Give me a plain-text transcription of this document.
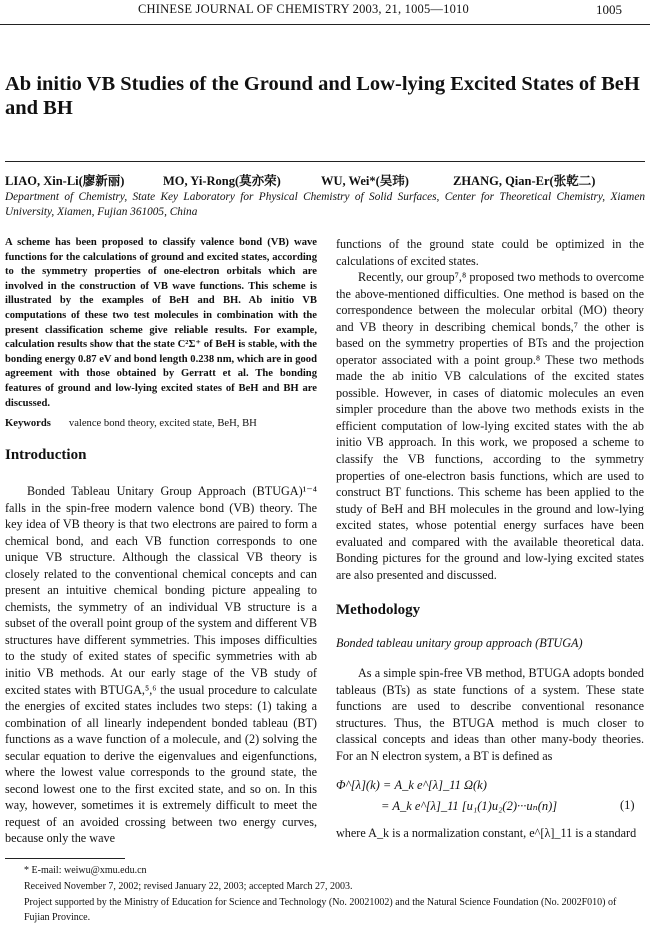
CHINESE JOURNAL OF CHEMISTRY 2003, 21, 1005—1010	1005
Ab initio VB Studies of the Ground and Low-lying Excited States of BeH and BH
LIAO, Xin-Li(廖新丽)	MO, Yi-Rong(莫亦荣)	WU, Wei*(吴玮)	ZHANG, Qian-Er(张乾二)
Department of Chemistry, State Key Laboratory for Physical Chemistry of Solid Surfaces, Center for Theoretical Chemistry, Xiamen University, Xiamen, Fujian 361005, China
A scheme has been proposed to classify valence bond (VB) wave functions for the calculations of ground and excited states, according to the symmetry properties of one-electron orbitals which are involved in the construction of VB wave functions. This scheme is illustrated by the examples of BeH and BH. Ab initio VB computations of these two test molecules in combination with the present classification scheme give reliable results. For example, calculation results show that the state C²Σ⁺ of BeH is stable, with the bonding energy 0.87 eV and bond length 0.238 nm, which are in good agreement with those obtained by Gerratt et al. The bonding features of ground and low-lying excited states of BeH and BH are discussed.
Keywords valence bond theory, excited state, BeH, BH
Introduction
Bonded Tableau Unitary Group Approach (BTUGA)¹⁻⁴ falls in the spin-free modern valence bond (VB) theory. The key idea of VB theory is that two electrons are paired to form a chemical bond, and each VB function corresponds to one unique VB structure. Although the classical VB theory is closely related to the conventional chemical concepts and can present an intuitive chemical bonding picture appealing to chemists, the symmetry of an individual VB structure is a subset of the overall point group of the system and different VB structures have different symmetries. This imposes difficulties to the study of exited states of specific symmetries with ab initio VB methods. At our early stage of the VB study of excited states with BTUGA,⁵,⁶ the usual procedure to calculate the energies of excited states includes two steps: (1) taking a combination of all linearly independent bonded tableau (BT) functions as a wave function of a molecule, and (2) solving the secular equation to derive the eigenvalues and eigenfunctions, where the lowest value corresponds to the ground state, the second lowest one to the first excited state, and so on. In this way, however, sometimes it is extremely difficult to meet the request of an avoided crossing between two energy curves, because only the wave
functions of the ground state could be optimized in the calculations of excited states.
Recently, our group⁷,⁸ proposed two methods to overcome the above-mentioned difficulties. One method is based on the correspondence between the molecular orbital (MO) theory and VB theory in describing chemical bonds,⁷ the other is based on the symmetry properties of BTs and the projection operator associated with a point group.⁸ These two methods made the ab initio VB calculations of the excited states possible. However, in cases of diatomic molecules an even simpler procedure than the above two methods exists in the efficient computation of low-lying excited states with the ab initio VB approach. In this work, we proposed a scheme to classify the VB functions, according to the symmetry properties of one-electron basis functions, which are used to construct BT functions. This scheme has been applied to the study of BeH and BH molecules in the ground and low-lying excited states, whose potential energy surfaces have been evaluated and compared with the available theoretical data. Bonding pictures for the ground and low-lying excited states are also presented and discussed.
Methodology
Bonded tableau unitary group approach (BTUGA)
As a simple spin-free VB method, BTUGA adopts bonded tableaus (BTs) as state functions of a system. These state functions are used to describe conventional resonance structures. Thus, the BTUGA method is much closer to classical concepts and ideas than other many-body theories. For an N electron system, a BT is defined as
Φ^[λ](k) = A_k e^[λ]_11 Ω(k)
= A_k e^[λ]_11 [u₁(1)u₂(2)···uₙ(n)]	(1)
where A_k is a normalization constant, e^[λ]_11 is a standard
* E-mail: weiwu@xmu.edu.cn
Received November 7, 2002; revised January 22, 2003; accepted March 27, 2003.
Project supported by the Ministry of Education for Science and Technology (No. 20021002) and the Natural Science Foundation (No. 2002F010) of Fujian Province.
